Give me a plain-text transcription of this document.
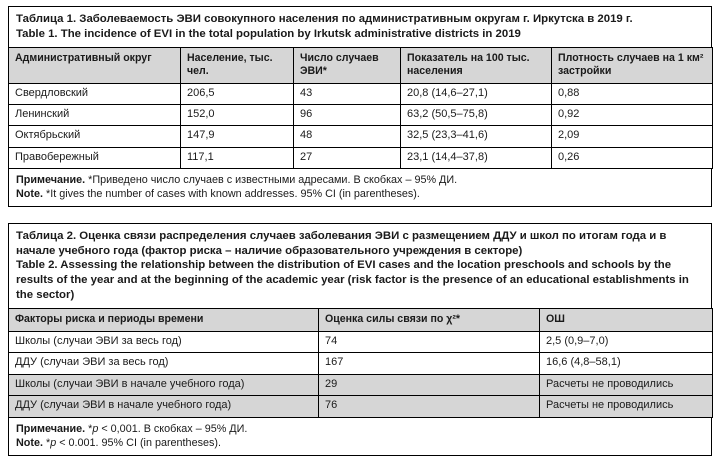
Таблица 1. Заболеваемость ЭВИ совокупного населения по административным округам г. Иркутска в 2019 г.
Table 1. The incidence of EVI in the total population by Irkutsk administrative districts in 2019
Административный округ	Население, тыс. чел.	Число случаев ЭВИ*	Показатель на 100 тыс. населения	Плотность случаев на 1 км² застройки
Свердловский	206,5	43	20,8 (14,6–27,1)	0,88
Ленинский	152,0	96	63,2 (50,5–75,8)	0,92
Октябрьский	147,9	48	32,5 (23,3–41,6)	2,09
Правобережный	117,1	27	23,1 (14,4–37,8)	0,26
Примечание. *Приведено число случаев с известными адресами. В скобках – 95% ДИ.
Note. *It gives the number of cases with known addresses. 95% CI (in parentheses).
Таблица 2. Оценка связи распределения случаев заболевания ЭВИ с размещением ДДУ и школ по итогам года и в начале учебного года (фактор риска – наличие образовательного учреждения в секторе)
Table 2. Assessing the relationship between the distribution of EVI cases and the location preschools and schools by the results of the year and at the beginning of the academic year (risk factor is the presence of an educational establishments in the sector)
Факторы риска и периоды времени	Оценка силы связи по χ²*	ОШ
Школы (случаи ЭВИ за весь год)	74	2,5 (0,9–7,0)
ДДУ (случаи ЭВИ за весь год)	167	16,6 (4,8–58,1)
Школы (случаи ЭВИ в начале учебного года)	29	Расчеты не проводились
ДДУ (случаи ЭВИ в начале учебного года)	76	Расчеты не проводились
Примечание. *p < 0,001. В скобках – 95% ДИ.
Note. *p < 0.001. 95% CI (in parentheses).
